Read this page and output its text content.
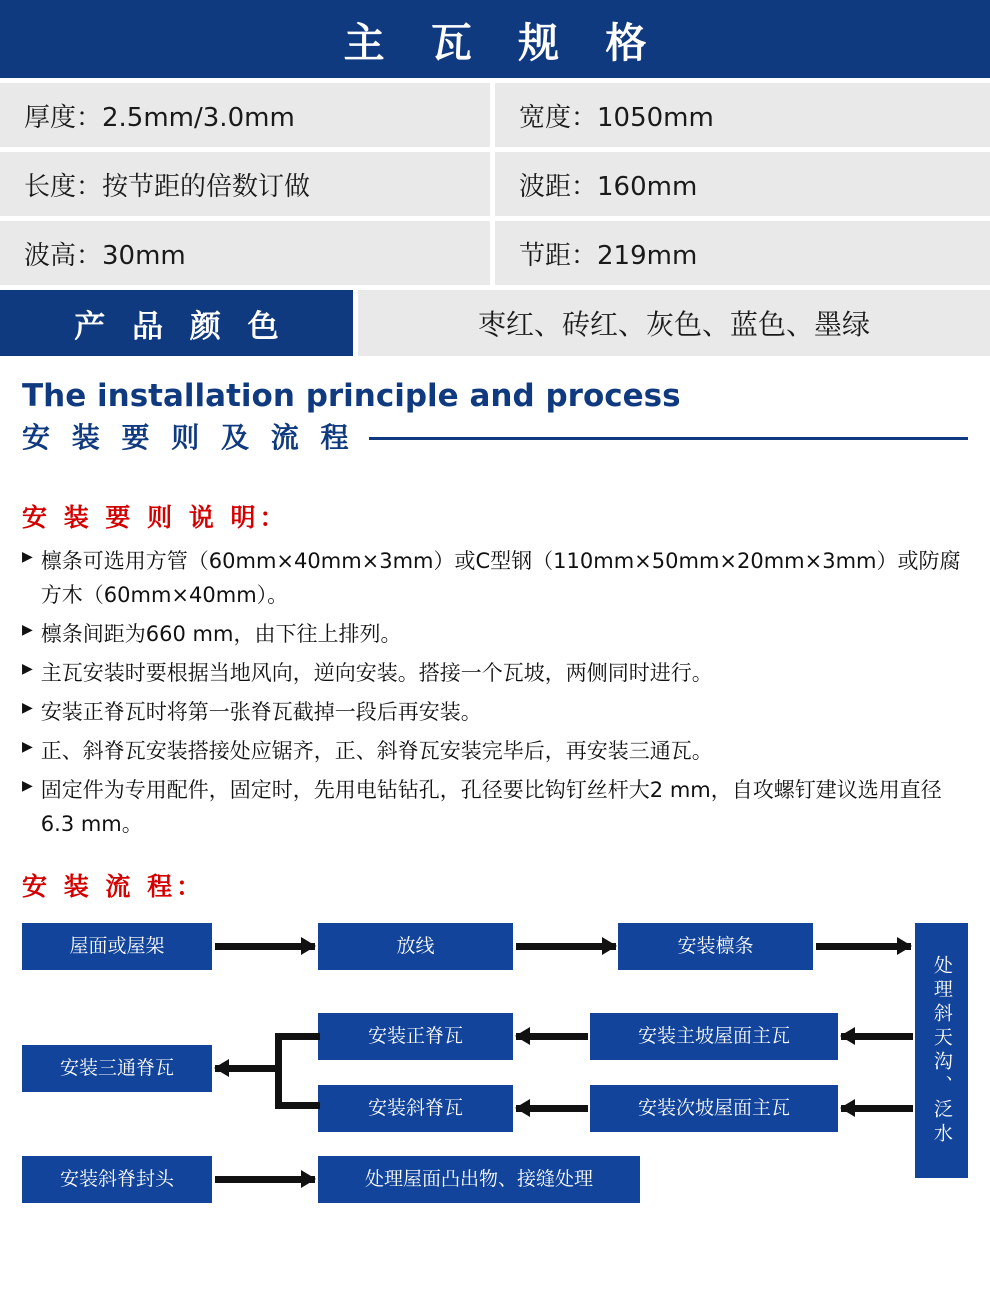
主 瓦 规 格
厚度：2.5mm/3.0mm	宽度：1050mm
长度：按节距的倍数订做	波距：160mm
波高：30mm	节距：219mm
产 品 颜 色	枣红、砖红、灰色、蓝色、墨绿
The installation principle and process
安 装 要 则 及 流 程
安 装 要 则 说 明：
▶ 檩条可选用方管（60mm×40mm×3mm）或C型钢（110mm×50mm×20mm×3mm）或防腐方木（60mm×40mm）。
▶ 檩条间距为660 mm，由下往上排列。
▶ 主瓦安装时要根据当地风向，逆向安装。搭接一个瓦坡，两侧同时进行。
▶ 安装正脊瓦时将第一张脊瓦截掉一段后再安装。
▶ 正、斜脊瓦安装搭接处应锯齐，正、斜脊瓦安装完毕后，再安装三通瓦。
▶ 固定件为专用配件，固定时，先用电钻钻孔，孔径要比钩钉丝杆大2 mm，自攻螺钉建议选用直径6.3 mm。
安 装 流 程：
屋面或屋架	放线	安装檩条
处理斜天沟、泛水
安装主坡屋面主瓦
安装正脊瓦
安装次坡屋面主瓦
安装斜脊瓦
安装三通脊瓦
安装斜脊封头	处理屋面凸出物、接缝处理
